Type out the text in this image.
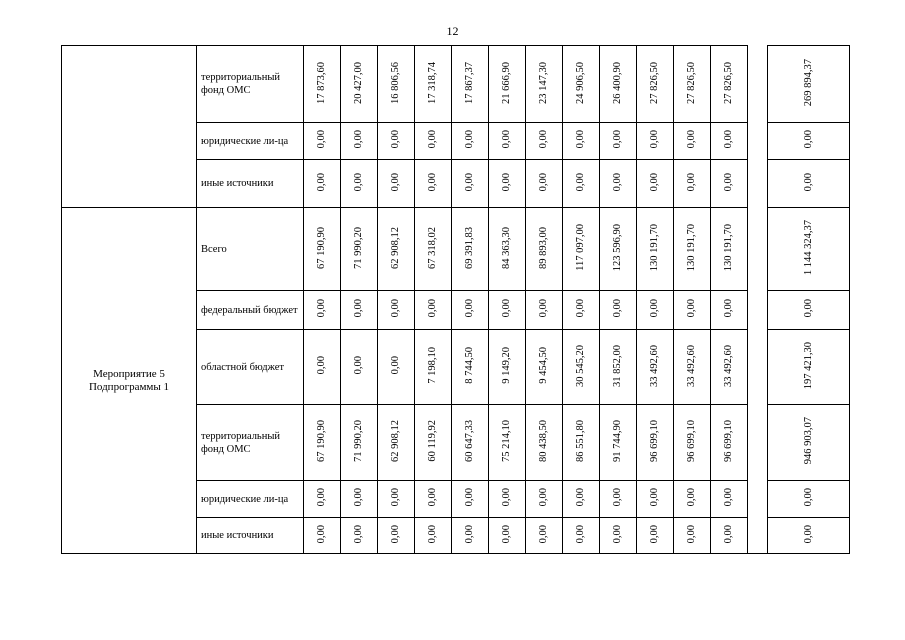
12
	территориальный фонд ОМС	17 873,60	20 427,00	16 806,56	17 318,74	17 867,37	21 666,90	23 147,30	24 906,50	26 400,90	27 826,50	27 826,50	27 826,50		269 894,37
	юридические ли-ца	0,00	0,00	0,00	0,00	0,00	0,00	0,00	0,00	0,00	0,00	0,00	0,00		0,00
	иные источники	0,00	0,00	0,00	0,00	0,00	0,00	0,00	0,00	0,00	0,00	0,00	0,00		0,00
Мероприятие 5 Подпрограммы 1	Всего	67 190,90	71 990,20	62 908,12	67 318,02	69 391,83	84 363,30	89 893,00	117 097,00	123 596,90	130 191,70	130 191,70	130 191,70		1 144 324,37
	федеральный бюджет	0,00	0,00	0,00	0,00	0,00	0,00	0,00	0,00	0,00	0,00	0,00	0,00		0,00
	областной бюджет	0,00	0,00	0,00	7 198,10	8 744,50	9 149,20	9 454,50	30 545,20	31 852,00	33 492,60	33 492,60	33 492,60		197 421,30
	территориальный фонд ОМС	67 190,90	71 990,20	62 908,12	60 119,92	60 647,33	75 214,10	80 438,50	86 551,80	91 744,90	96 699,10	96 699,10	96 699,10		946 903,07
	юридические ли-ца	0,00	0,00	0,00	0,00	0,00	0,00	0,00	0,00	0,00	0,00	0,00	0,00		0,00
	иные источники	0,00	0,00	0,00	0,00	0,00	0,00	0,00	0,00	0,00	0,00	0,00	0,00		0,00
